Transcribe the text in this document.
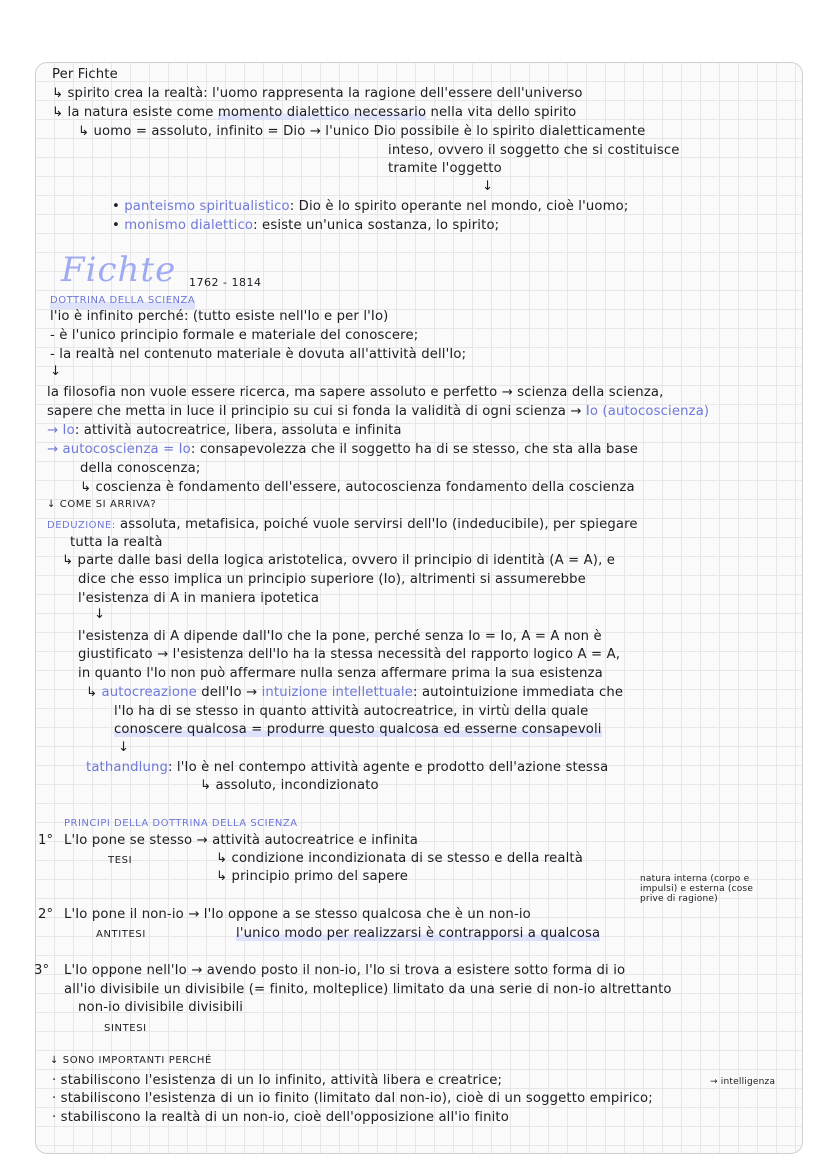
Per Fichte
↳ spirito crea la realtà: l'uomo rappresenta la ragione dell'essere dell'universo
↳ la natura esiste come momento dialettico necessario nella vita dello spirito
↳ uomo = assoluto, infinito = Dio → l'unico Dio possibile è lo spirito dialetticamente
inteso, ovvero il soggetto che si costituisce
tramite l'oggetto
↓
• panteismo spiritualistico: Dio è lo spirito operante nel mondo, cioè l'uomo;
• monismo dialettico: esiste un'unica sostanza, lo spirito;
Fichte 1762 - 1814
DOTTRINA DELLA SCIENZA
l'io è infinito perché: (tutto esiste nell'Io e per l'Io)
- è l'unico principio formale e materiale del conoscere;
- la realtà nel contenuto materiale è dovuta all'attività dell'Io;
↓
la filosofia non vuole essere ricerca, ma sapere assoluto e perfetto → scienza della scienza,
sapere che metta in luce il principio su cui si fonda la validità di ogni scienza → Io (autocoscienza)
→ Io: attività autocreatrice, libera, assoluta e infinita
→ autocoscienza = Io: consapevolezza che il soggetto ha di se stesso, che sta alla base
della conoscenza;
↳ coscienza è fondamento dell'essere, autocoscienza fondamento della coscienza
↓ COME SI ARRIVA?
DEDUZIONE: assoluta, metafisica, poiché vuole servirsi dell'Io (indeducibile), per spiegare
tutta la realtà
↳ parte dalle basi della logica aristotelica, ovvero il principio di identità (A = A), e
dice che esso implica un principio superiore (Io), altrimenti si assumerebbe
l'esistenza di A in maniera ipotetica
↓
l'esistenza di A dipende dall'Io che la pone, perché senza Io = Io, A = A non è
giustificato → l'esistenza dell'Io ha la stessa necessità del rapporto logico A = A,
in quanto l'Io non può affermare nulla senza affermare prima la sua esistenza
↳ autocreazione dell'Io → intuizione intellettuale: autointuizione immediata che
l'Io ha di se stesso in quanto attività autocreatrice, in virtù della quale
conoscere qualcosa = produrre questo qualcosa ed esserne consapevoli
↓
tathandlung: l'Io è nel contempo attività agente e prodotto dell'azione stessa
↳ assoluto, incondizionato
PRINCIPI DELLA DOTTRINA DELLA SCIENZA
1° L'Io pone se stesso → attività autocreatrice e infinita
TESI	↳ condizione incondizionata di se stesso e della realtà
↳ principio primo del sapere	natura interna (corpo e
impulsi) e esterna (cose
prive di ragione)
2° L'Io pone il non-io → l'Io oppone a se stesso qualcosa che è un non-io
ANTITESI	l'unico modo per realizzarsi è contrapporsi a qualcosa
3° L'Io oppone nell'Io → avendo posto il non-io, l'Io si trova a esistere sotto forma di io
all'io divisibile un divisibile (= finito, molteplice) limitato da una serie di non-io altrettanto
non-io divisibile divisibili
SINTESI
↓ SONO IMPORTANTI PERCHÉ
→ intelligenza
· stabiliscono l'esistenza di un Io infinito, attività libera e creatrice;
· stabiliscono l'esistenza di un io finito (limitato dal non-io), cioè di un soggetto empirico;
· stabiliscono la realtà di un non-io, cioè dell'opposizione all'io finito
